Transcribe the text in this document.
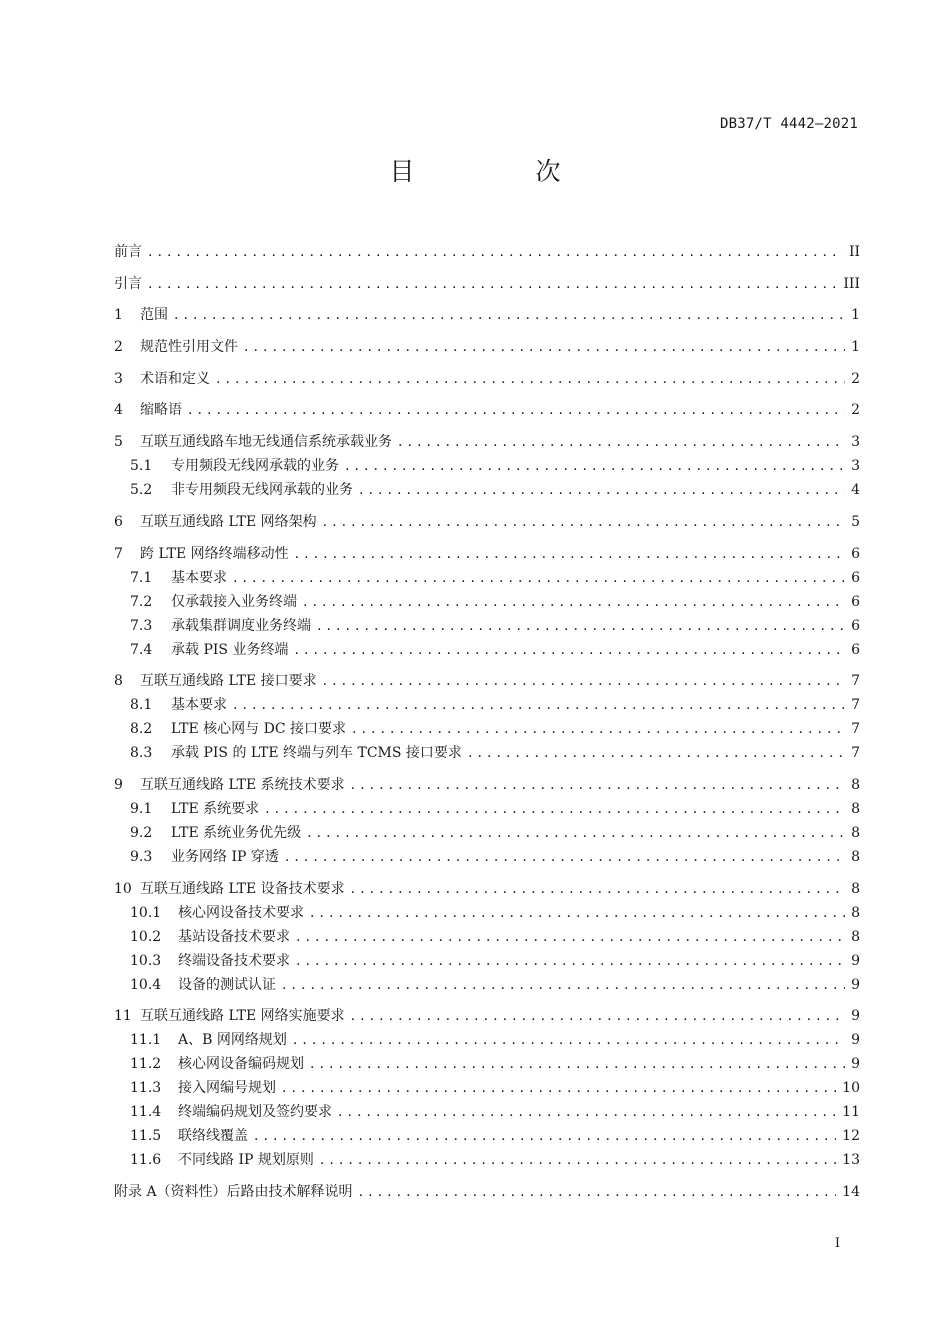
DB37/T 4442—2021
目　次
前言 . . .	II
引言 . . .	III
1	范围 . . .	1
2	规范性引用文件 . . .	1
3	术语和定义 . . .	2
4	缩略语 . . .	2
5	互联互通线路车地无线通信系统承载业务 . . .	3
5.1	专用频段无线网承载的业务 . . .	3
5.2	非专用频段无线网承载的业务 . . .	4
6	互联互通线路 LTE 网络架构 . . .	5
7	跨 LTE 网络终端移动性 . . .	6
7.1	基本要求 . . .	6
7.2	仅承载接入业务终端 . . .	6
7.3	承载集群调度业务终端 . . .	6
7.4	承载 PIS 业务终端 . . .	6
8	互联互通线路 LTE 接口要求 . . .	7
8.1	基本要求 . . .	7
8.2	LTE 核心网与 DC 接口要求 . . .	7
8.3	承载 PIS 的 LTE 终端与列车 TCMS 接口要求 . . .	7
9	互联互通线路 LTE 系统技术要求 . . .	8
9.1	LTE 系统要求 . . .	8
9.2	LTE 系统业务优先级 . . .	8
9.3	业务网络 IP 穿透 . . .	8
10 互联互通线路 LTE 设备技术要求 . . .	8
10.1	核心网设备技术要求 . . .	8
10.2	基站设备技术要求 . . .	8
10.3	终端设备技术要求 . . .	9
10.4	设备的测试认证 . . .	9
11 互联互通线路 LTE 网络实施要求 . . .	9
11.1	A、B 网网络规划 . . .	9
11.2	核心网设备编码规划 . . .	9
11.3	接入网编号规划 . . .	10
11.4	终端编码规划及签约要求 . . .	11
11.5	联络线覆盖 . . .	12
11.6	不同线路 IP 规划原则 . . .	13
附录 A（资料性）后路由技术解释说明 . . .	14
I
